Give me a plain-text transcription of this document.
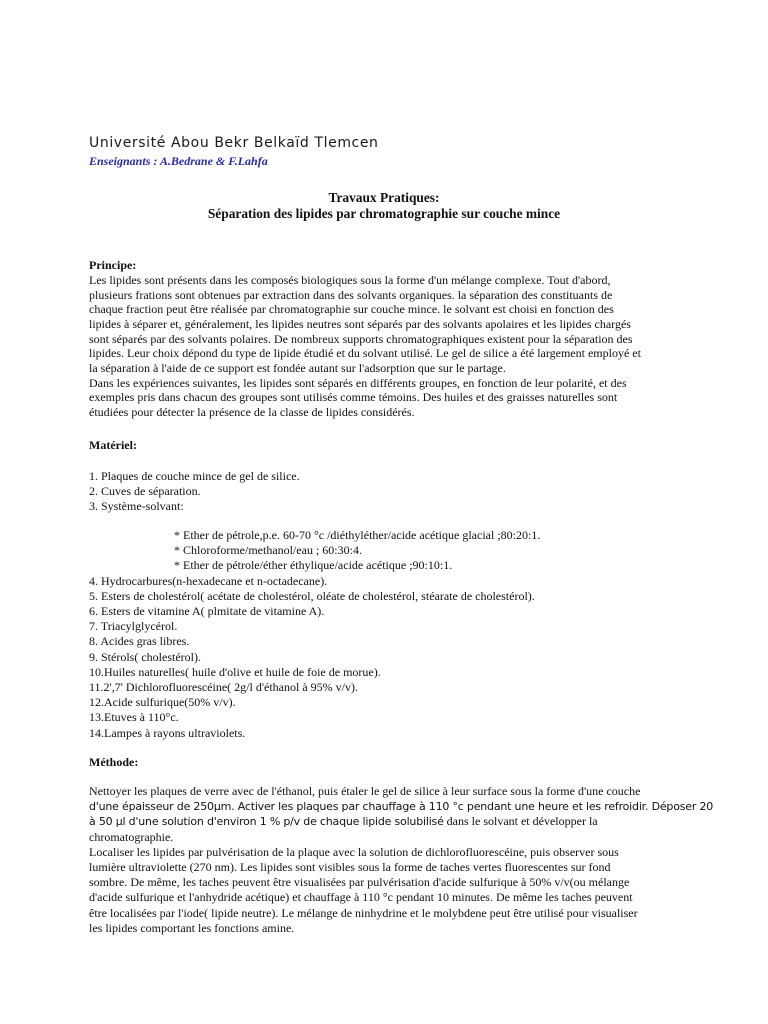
Université Abou Bekr Belkaïd Tlemcen
Enseignants : A.Bedrane & F.Lahfa
Travaux Pratiques:
Séparation des lipides par chromatographie sur couche mince
Principe:
Les lipides sont présents dans les composés biologiques sous la forme d'un mélange complexe. Tout d'abord,
plusieurs frations sont obtenues par extraction dans des solvants organiques. la séparation des constituants de
chaque fraction peut être réalisée par chromatographie sur couche mince. le solvant est choisi en fonction des
lipides à séparer et, généralement, les lipides neutres sont séparés par des solvants apolaires et les lipides chargés
sont séparés par des solvants polaires. De nombreux supports chromatographiques existent pour la séparation des
lipides. Leur choix dépond du type de lipide étudié et du solvant utilisé. Le gel de silice a été largement employé et
la séparation à l'aide de ce support est fondée autant sur l'adsorption que sur le partage.
Dans les expériences suivantes, les lipides sont séparés en différents groupes, en fonction de leur polarité, et des
exemples pris dans chacun des groupes sont utilisés comme témoins. Des huiles et des graisses naturelles sont
étudiées pour détecter la présence de la classe de lipides considérés.
Matériel:
1. Plaques de couche mince de gel de silice.
2. Cuves de séparation.
3. Système-solvant:
* Ether de pétrole,p.e. 60-70 °c /diéthyléther/acide acétique glacial ;80:20:1.
* Chloroforme/methanol/eau ; 60:30:4.
* Ether de pétrole/éther éthylique/acide acétique ;90:10:1.
4. Hydrocarbures(n-hexadecane et n-octadecane).
5. Esters de cholestérol( acétate de cholestérol, oléate de cholestérol, stéarate de cholestérol).
6. Esters de vitamine A( plmitate de vitamine A).
7. Triacylglycérol.
8. Acides gras libres.
9. Stérols( cholestérol).
10.Huiles naturelles( huile d'olive et huile de foie de morue).
11.2',7' Dichlorofluorescéine( 2g/l d'éthanol à 95% v/v).
12.Acide sulfurique(50% v/v).
13.Etuves à 110°c.
14.Lampes à rayons ultraviolets.
Méthode:
Nettoyer les plaques de verre avec de l'éthanol, puis étaler le gel de silice à leur surface sous la forme d'une couche
d'une épaisseur de 250μm. Activer les plaques par chauffage à 110 °c pendant une heure et les refroidir. Déposer 20
à 50 μl d'une solution d'environ 1 % p/v de chaque lipide solubilisé dans le solvant et développer la
chromatographie.
Localiser les lipides par pulvérisation de la plaque avec la solution de dichlorofluorescéine, puis observer sous
lumière ultraviolette (270 nm). Les lipides sont visibles sous la forme de taches vertes fluorescentes sur fond
sombre. De même, les taches peuvent être visualisées par pulvérisation d'acide sulfurique à 50% v/v(ou mélange
d'acide sulfurique et l'anhydride acétique) et chauffage à 110 °c pendant 10 minutes. De même les taches peuvent
être localisées par l'iode( lipide neutre). Le mélange de ninhydrine et le molybdene peut être utilisé pour visualiser
les lipides comportant les fonctions amine.
